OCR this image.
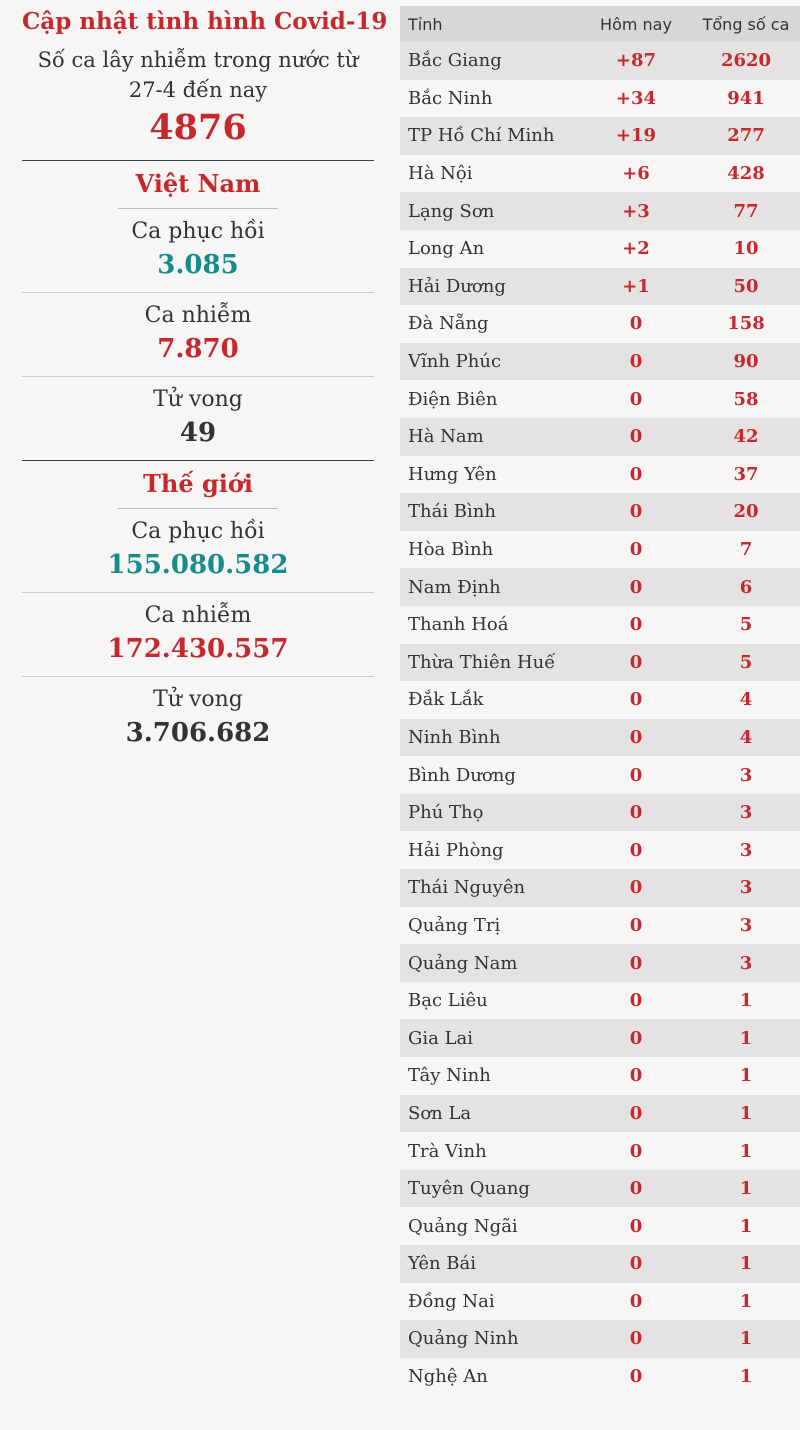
Cập nhật tình hình Covid-19
Số ca lây nhiễm trong nước từ
27-4 đến nay
4876
Việt Nam
Ca phục hồi
3.085
Ca nhiễm
7.870
Tử vong
49
Thế giới
Ca phục hồi
155.080.582
Ca nhiễm
172.430.557
Tử vong
3.706.682
Tỉnh	Hôm nay	Tổng số ca
Bắc Giang	+87	2620
Bắc Ninh	+34	941
TP Hồ Chí Minh	+19	277
Hà Nội	+6	428
Lạng Sơn	+3	77
Long An	+2	10
Hải Dương	+1	50
Đà Nẵng	0	158
Vĩnh Phúc	0	90
Điện Biên	0	58
Hà Nam	0	42
Hưng Yên	0	37
Thái Bình	0	20
Hòa Bình	0	7
Nam Định	0	6
Thanh Hoá	0	5
Thừa Thiên Huế	0	5
Đắk Lắk	0	4
Ninh Bình	0	4
Bình Dương	0	3
Phú Thọ	0	3
Hải Phòng	0	3
Thái Nguyên	0	3
Quảng Trị	0	3
Quảng Nam	0	3
Bạc Liêu	0	1
Gia Lai	0	1
Tây Ninh	0	1
Sơn La	0	1
Trà Vinh	0	1
Tuyên Quang	0	1
Quảng Ngãi	0	1
Yên Bái	0	1
Đồng Nai	0	1
Quảng Ninh	0	1
Nghệ An	0	1
